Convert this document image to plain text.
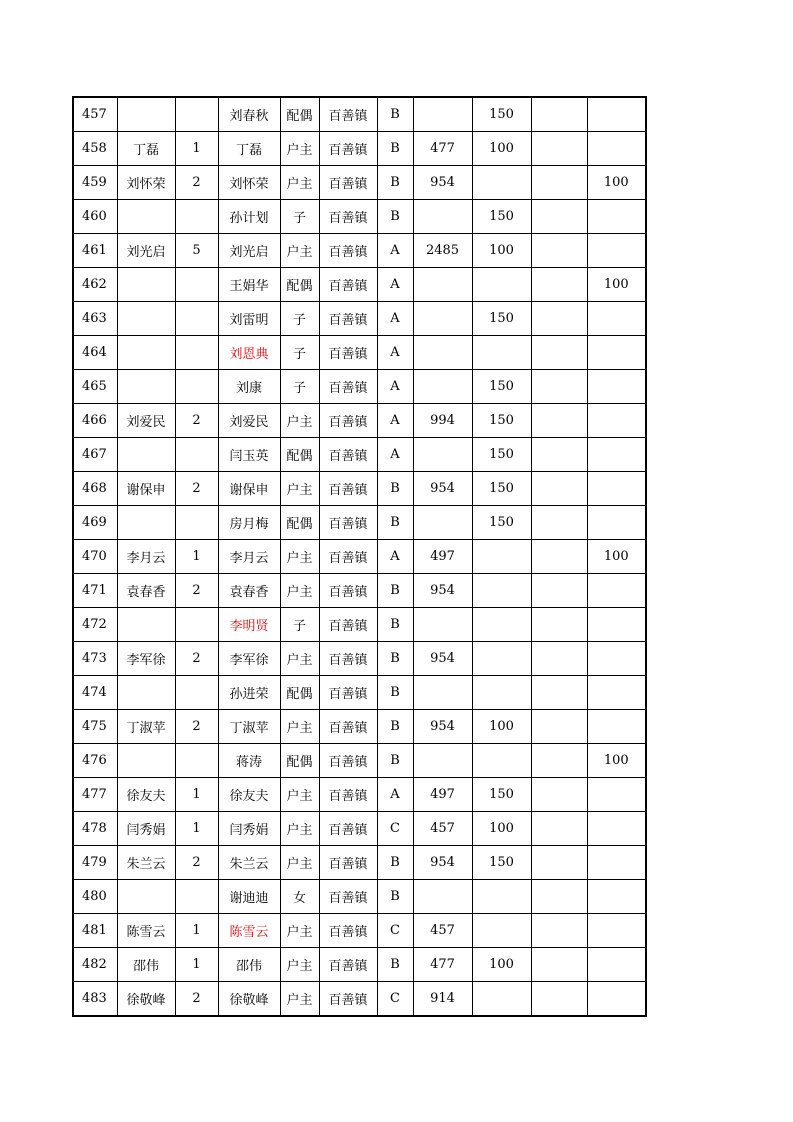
457			刘春秋	配偶	百善镇	B		150		
458	丁磊	1	丁磊	户主	百善镇	B	477	100		
459	刘怀荣	2	刘怀荣	户主	百善镇	B	954			100
460			孙计划	子	百善镇	B		150		
461	刘光启	5	刘光启	户主	百善镇	A	2485	100		
462			王娟华	配偶	百善镇	A				100
463			刘雷明	子	百善镇	A		150		
464			刘恩典	子	百善镇	A				
465			刘康	子	百善镇	A		150		
466	刘爱民	2	刘爱民	户主	百善镇	A	994	150		
467			闫玉英	配偶	百善镇	A		150		
468	谢保申	2	谢保申	户主	百善镇	B	954	150		
469			房月梅	配偶	百善镇	B		150		
470	李月云	1	李月云	户主	百善镇	A	497			100
471	袁春香	2	袁春香	户主	百善镇	B	954			
472			李明贤	子	百善镇	B				
473	李军徐	2	李军徐	户主	百善镇	B	954			
474			孙进荣	配偶	百善镇	B				
475	丁淑苹	2	丁淑苹	户主	百善镇	B	954	100		
476			蒋涛	配偶	百善镇	B				100
477	徐友夫	1	徐友夫	户主	百善镇	A	497	150		
478	闫秀娟	1	闫秀娟	户主	百善镇	C	457	100		
479	朱兰云	2	朱兰云	户主	百善镇	B	954	150		
480			谢迪迪	女	百善镇	B				
481	陈雪云	1	陈雪云	户主	百善镇	C	457			
482	邵伟	1	邵伟	户主	百善镇	B	477	100		
483	徐敬峰	2	徐敬峰	户主	百善镇	C	914			
